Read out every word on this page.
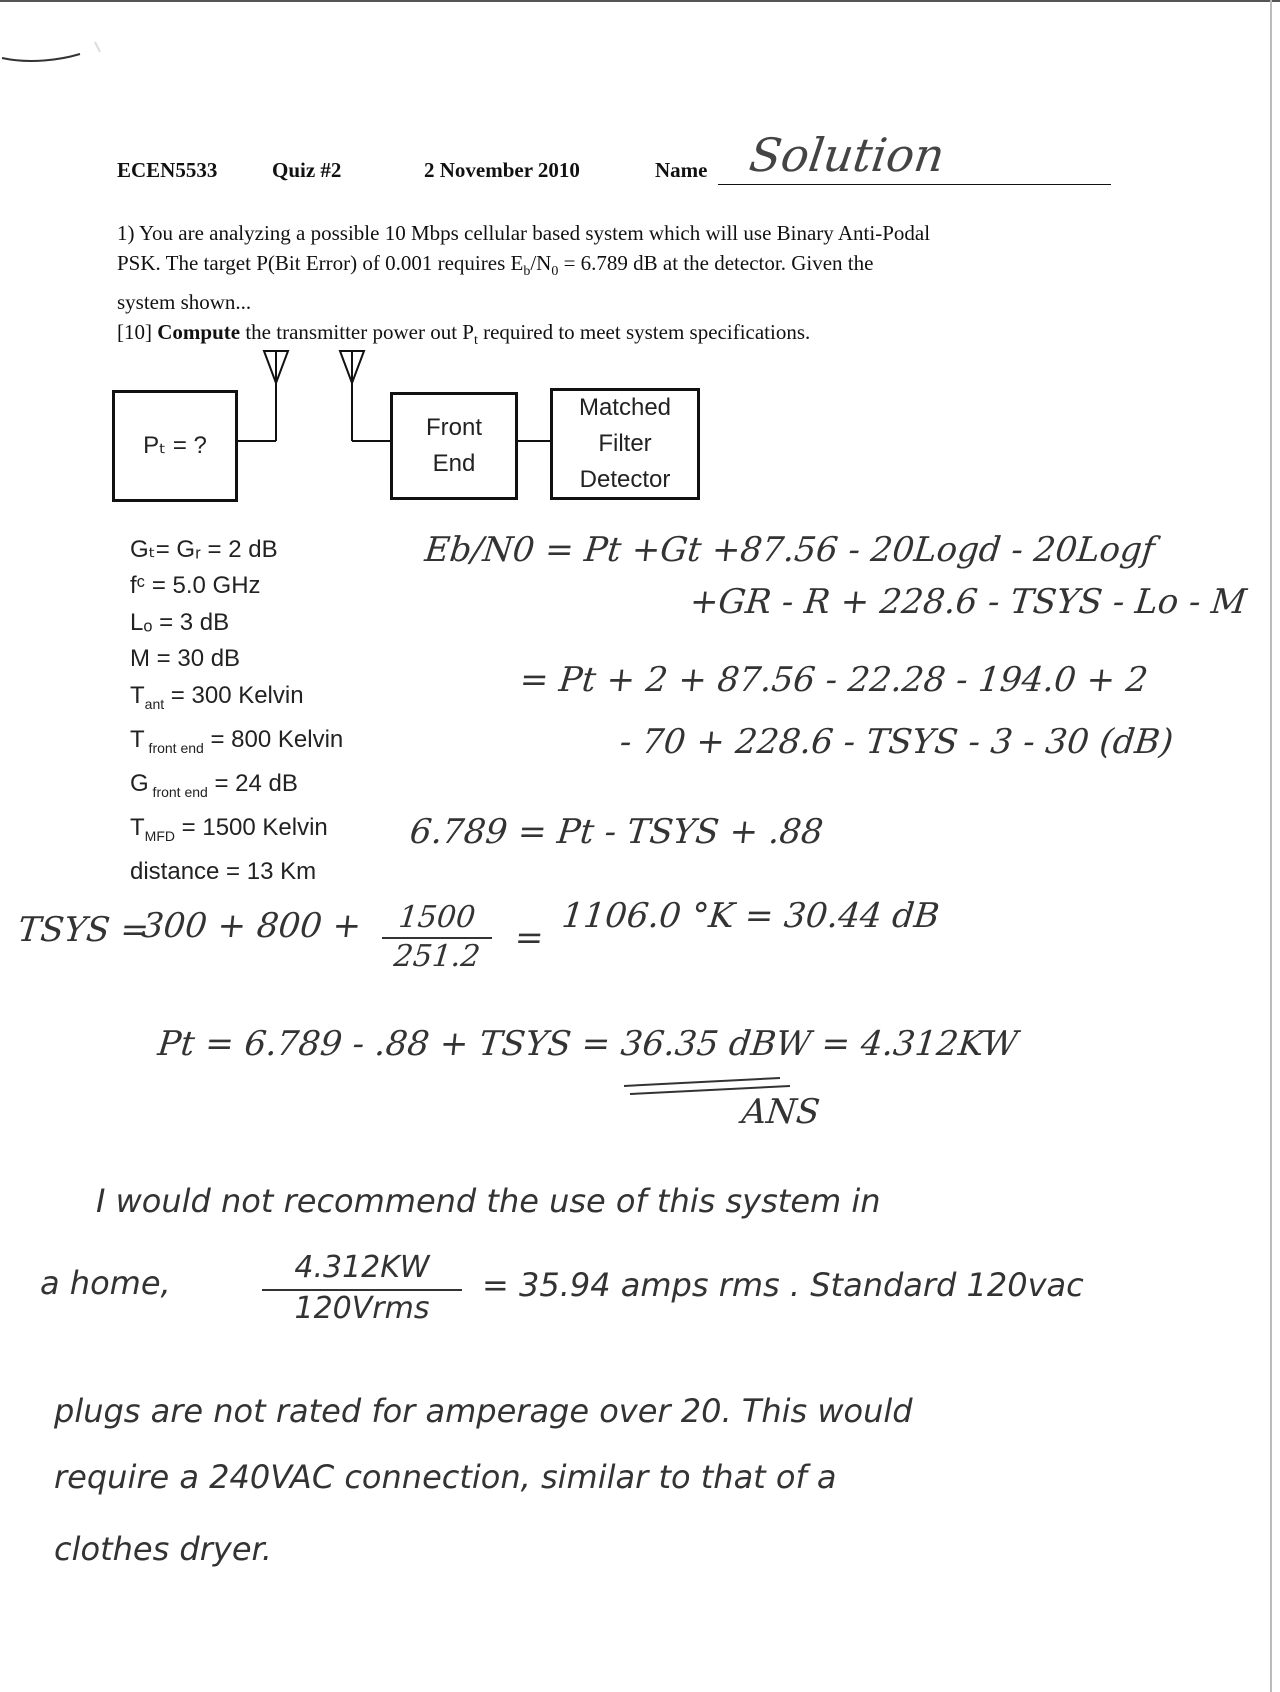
ECEN5533	Quiz #2	2 November 2010	Name Solution

1) You are analyzing a possible 10 Mbps cellular based system which will use Binary Anti-Podal

PSK. The target P(Bit Error) of 0.001 requires $E_b/N_0 = 6.789$ dB at the detector. Given the

system shown...

[10] Compute the transmitter power out $P_t$ required to meet system specifications.

Pₜ = ?
Front
End
Matched
Filter
Detector
Gₜ= Gᵣ = 2 dB
fᶜ = 5.0 GHz
Lₒ = 3 dB
M = 30 dB
$T_{ant} = 300$ Kelvin
T $_{front end}$ = 800 Kelvin
G $_{front end}$ = 24 dB
$T_{MFD} = 1500$ Kelvin
distance = 13 Km
Eb/N0 = Pt +Gt +87.56 - 20Logd - 20Logf
+GR - R + 228.6 - TSYS - Lo - M
= Pt + 2 + 87.56 - 22.28 - 194.0 + 2
- 70 + 228.6 - TSYS - 3 - 30 (dB)
6.789 = Pt - TSYS + .88
TSYS =
300 + 800 +	1500
251.2 =
1106.0 °K = 30.44 dB
Pt = 6.789 - .88 + TSYS = 36.35 dBW = 4.312KW
ANS
I would not recommend the use of this system in
a home,	4.312KW
120Vrms
= 35.94 amps rms . Standard 120vac
plugs are not rated for amperage over 20. This would
require a 240VAC connection, similar to that of a
clothes dryer.
